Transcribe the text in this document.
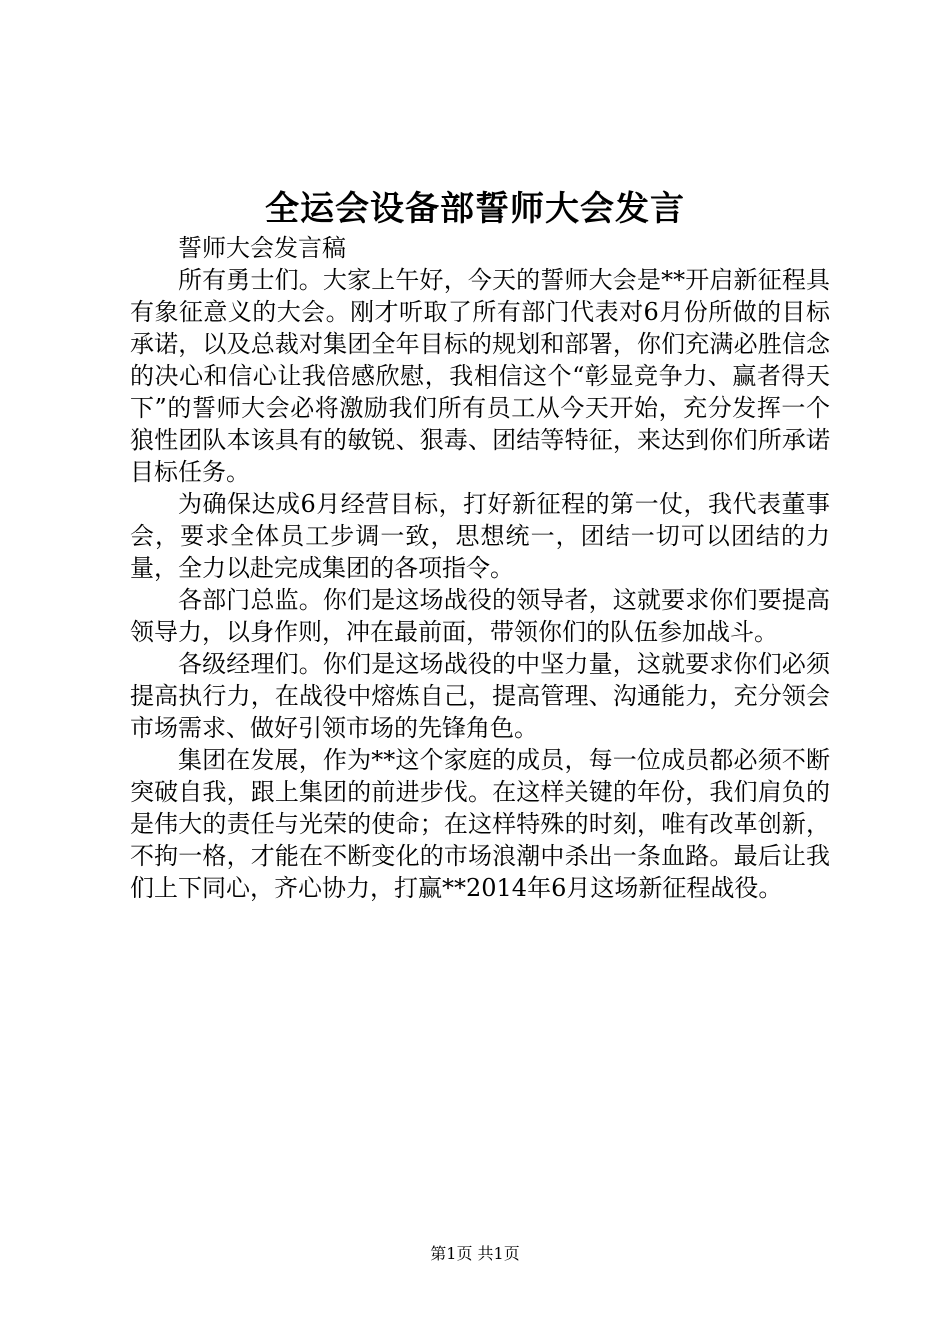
全运会设备部誓师大会发言

誓师大会发言稿

所有勇士们。大家上午好，今天的誓师大会是**开启新征程具有象征意义的大会。刚才听取了所有部门代表对6月份所做的目标承诺，以及总裁对集团全年目标的规划和部署，你们充满必胜信念的决心和信心让我倍感欣慰，我相信这个“彰显竞争力、赢者得天下”的誓师大会必将激励我们所有员工从今天开始，充分发挥一个狼性团队本该具有的敏锐、狠毒、团结等特征，来达到你们所承诺目标任务。

为确保达成6月经营目标，打好新征程的第一仗，我代表董事会，要求全体员工步调一致，思想统一，团结一切可以团结的力量，全力以赴完成集团的各项指令。

各部门总监。你们是这场战役的领导者，这就要求你们要提高领导力，以身作则，冲在最前面，带领你们的队伍参加战斗。

各级经理们。你们是这场战役的中坚力量，这就要求你们必须提高执行力，在战役中熔炼自己，提高管理、沟通能力，充分领会市场需求、做好引领市场的先锋角色。

集团在发展，作为**这个家庭的成员，每一位成员都必须不断突破自我，跟上集团的前进步伐。在这样关键的年份，我们肩负的是伟大的责任与光荣的使命；在这样特殊的时刻，唯有改革创新，不拘一格，才能在不断变化的市场浪潮中杀出一条血路。最后让我们上下同心，齐心协力，打赢**2014年6月这场新征程战役。

第1页 共1页
